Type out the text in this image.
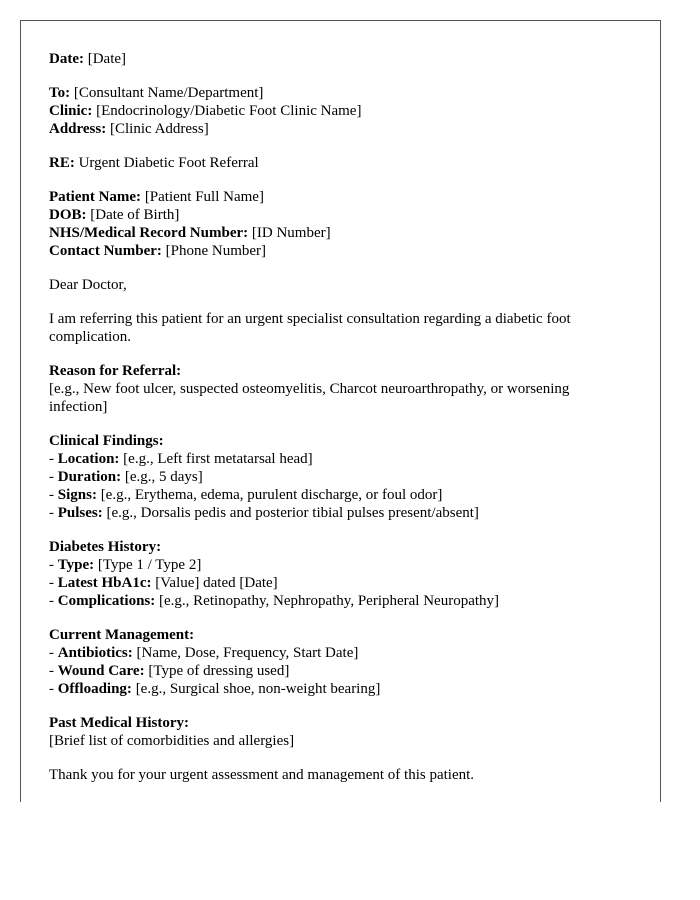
Date: [Date]
To: [Consultant Name/Department]
Clinic: [Endocrinology/Diabetic Foot Clinic Name]
Address: [Clinic Address]
RE: Urgent Diabetic Foot Referral
Patient Name: [Patient Full Name]
DOB: [Date of Birth]
NHS/Medical Record Number: [ID Number]
Contact Number: [Phone Number]
Dear Doctor,
I am referring this patient for an urgent specialist consultation regarding a diabetic foot complication.
Reason for Referral:
[e.g., New foot ulcer, suspected osteomyelitis, Charcot neuroarthropathy, or worsening infection]
Clinical Findings:
- Location: [e.g., Left first metatarsal head]
- Duration: [e.g., 5 days]
- Signs: [e.g., Erythema, edema, purulent discharge, or foul odor]
- Pulses: [e.g., Dorsalis pedis and posterior tibial pulses present/absent]
Diabetes History:
- Type: [Type 1 / Type 2]
- Latest HbA1c: [Value] dated [Date]
- Complications: [e.g., Retinopathy, Nephropathy, Peripheral Neuropathy]
Current Management:
- Antibiotics: [Name, Dose, Frequency, Start Date]
- Wound Care: [Type of dressing used]
- Offloading: [e.g., Surgical shoe, non-weight bearing]
Past Medical History:
[Brief list of comorbidities and allergies]
Thank you for your urgent assessment and management of this patient.
